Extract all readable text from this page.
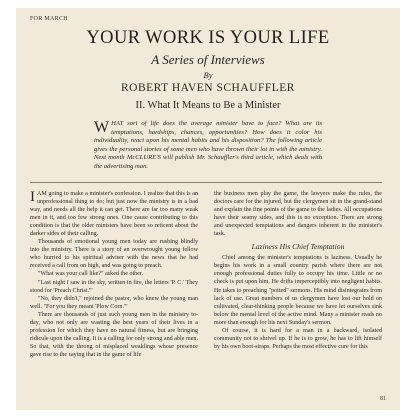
FOR MARCH
YOUR WORK IS YOUR LIFE
A Series of Interviews
By
ROBERT HAVEN SCHAUFFLER
II. What It Means to Be a Minister
WHAT sort of life does the average minister have to face? What are its temptations, hardships, chances, opportunities? How does it color his individuality, react upon his mental habits and his disposition? The following article gives the personal stories of some men who have thrown their lot in with the ministry. Next month McCLURE'S will publish Mr. Schauffler's third article, which deals with the advertising man.

IAM going to make a minister's confession. I realize that this is an unprofessional thing to do; but just now the ministry is in a bad way, and needs all the help it can get. There are far too many weak men in it, and too few strong ones. One cause contributing to this condition is that the older ministers have been so reticent about the darker sides of their calling.

Thousands of emotional young men today are rushing blindly into the ministry. There is a story of an overwrought young fellow who hurried to his spiritual adviser with the news that he had received a call from on high, and was going to preach.

"What was your call like?" asked the other.

"Last night I saw in the sky, written in fire, the letters 'P. C.' They stood for 'Preach Christ.'"

"No, they didn't," rejoined the pastor, who knew the young man well. "For you they meant 'Plow Corn.'"

There are thousands of just such young men in the ministry to-day, who not only are wasting the best years of their lives in a profession for which they have no natural fitness, but are bringing ridicule upon the calling. It is a calling for only strong and able men. So that, with the throng of misplaced weaklings whose presence gave rise to the saying that in the game of life

the business men play the game, the lawyers make the rules, the doctors care for the injured, but the clergymen sit in the grand-stand and explain the fine points of the game to the ladies. All occupations have their seamy sides, and this is no exception. There are strong and unexpected temptations and dangers inherent in the minister's task.

Laziness His Chief Temptation

Chief among the minister's temptations is laziness. Usually he begins his work in a small country parish where there are not enough professional duties fully to occupy his time. Little or no check is put upon him. He drifts imperceptibly into negligent habits. He takes to preaching "potted" sermons. His mind disintegrates from lack of use. Great numbers of us clergymen have lost our hold on cultivated, clear-thinking people because we have let ourselves sink below the mental level of the active mind. Many a minister reads no more than enough for his next Sunday's sermon.

Of course, it is hard for a man in a backward, isolated community not to shrivel up. If he is to grow, he has to lift himself by his own boot-straps. Perhaps the most effective cure for this

81
